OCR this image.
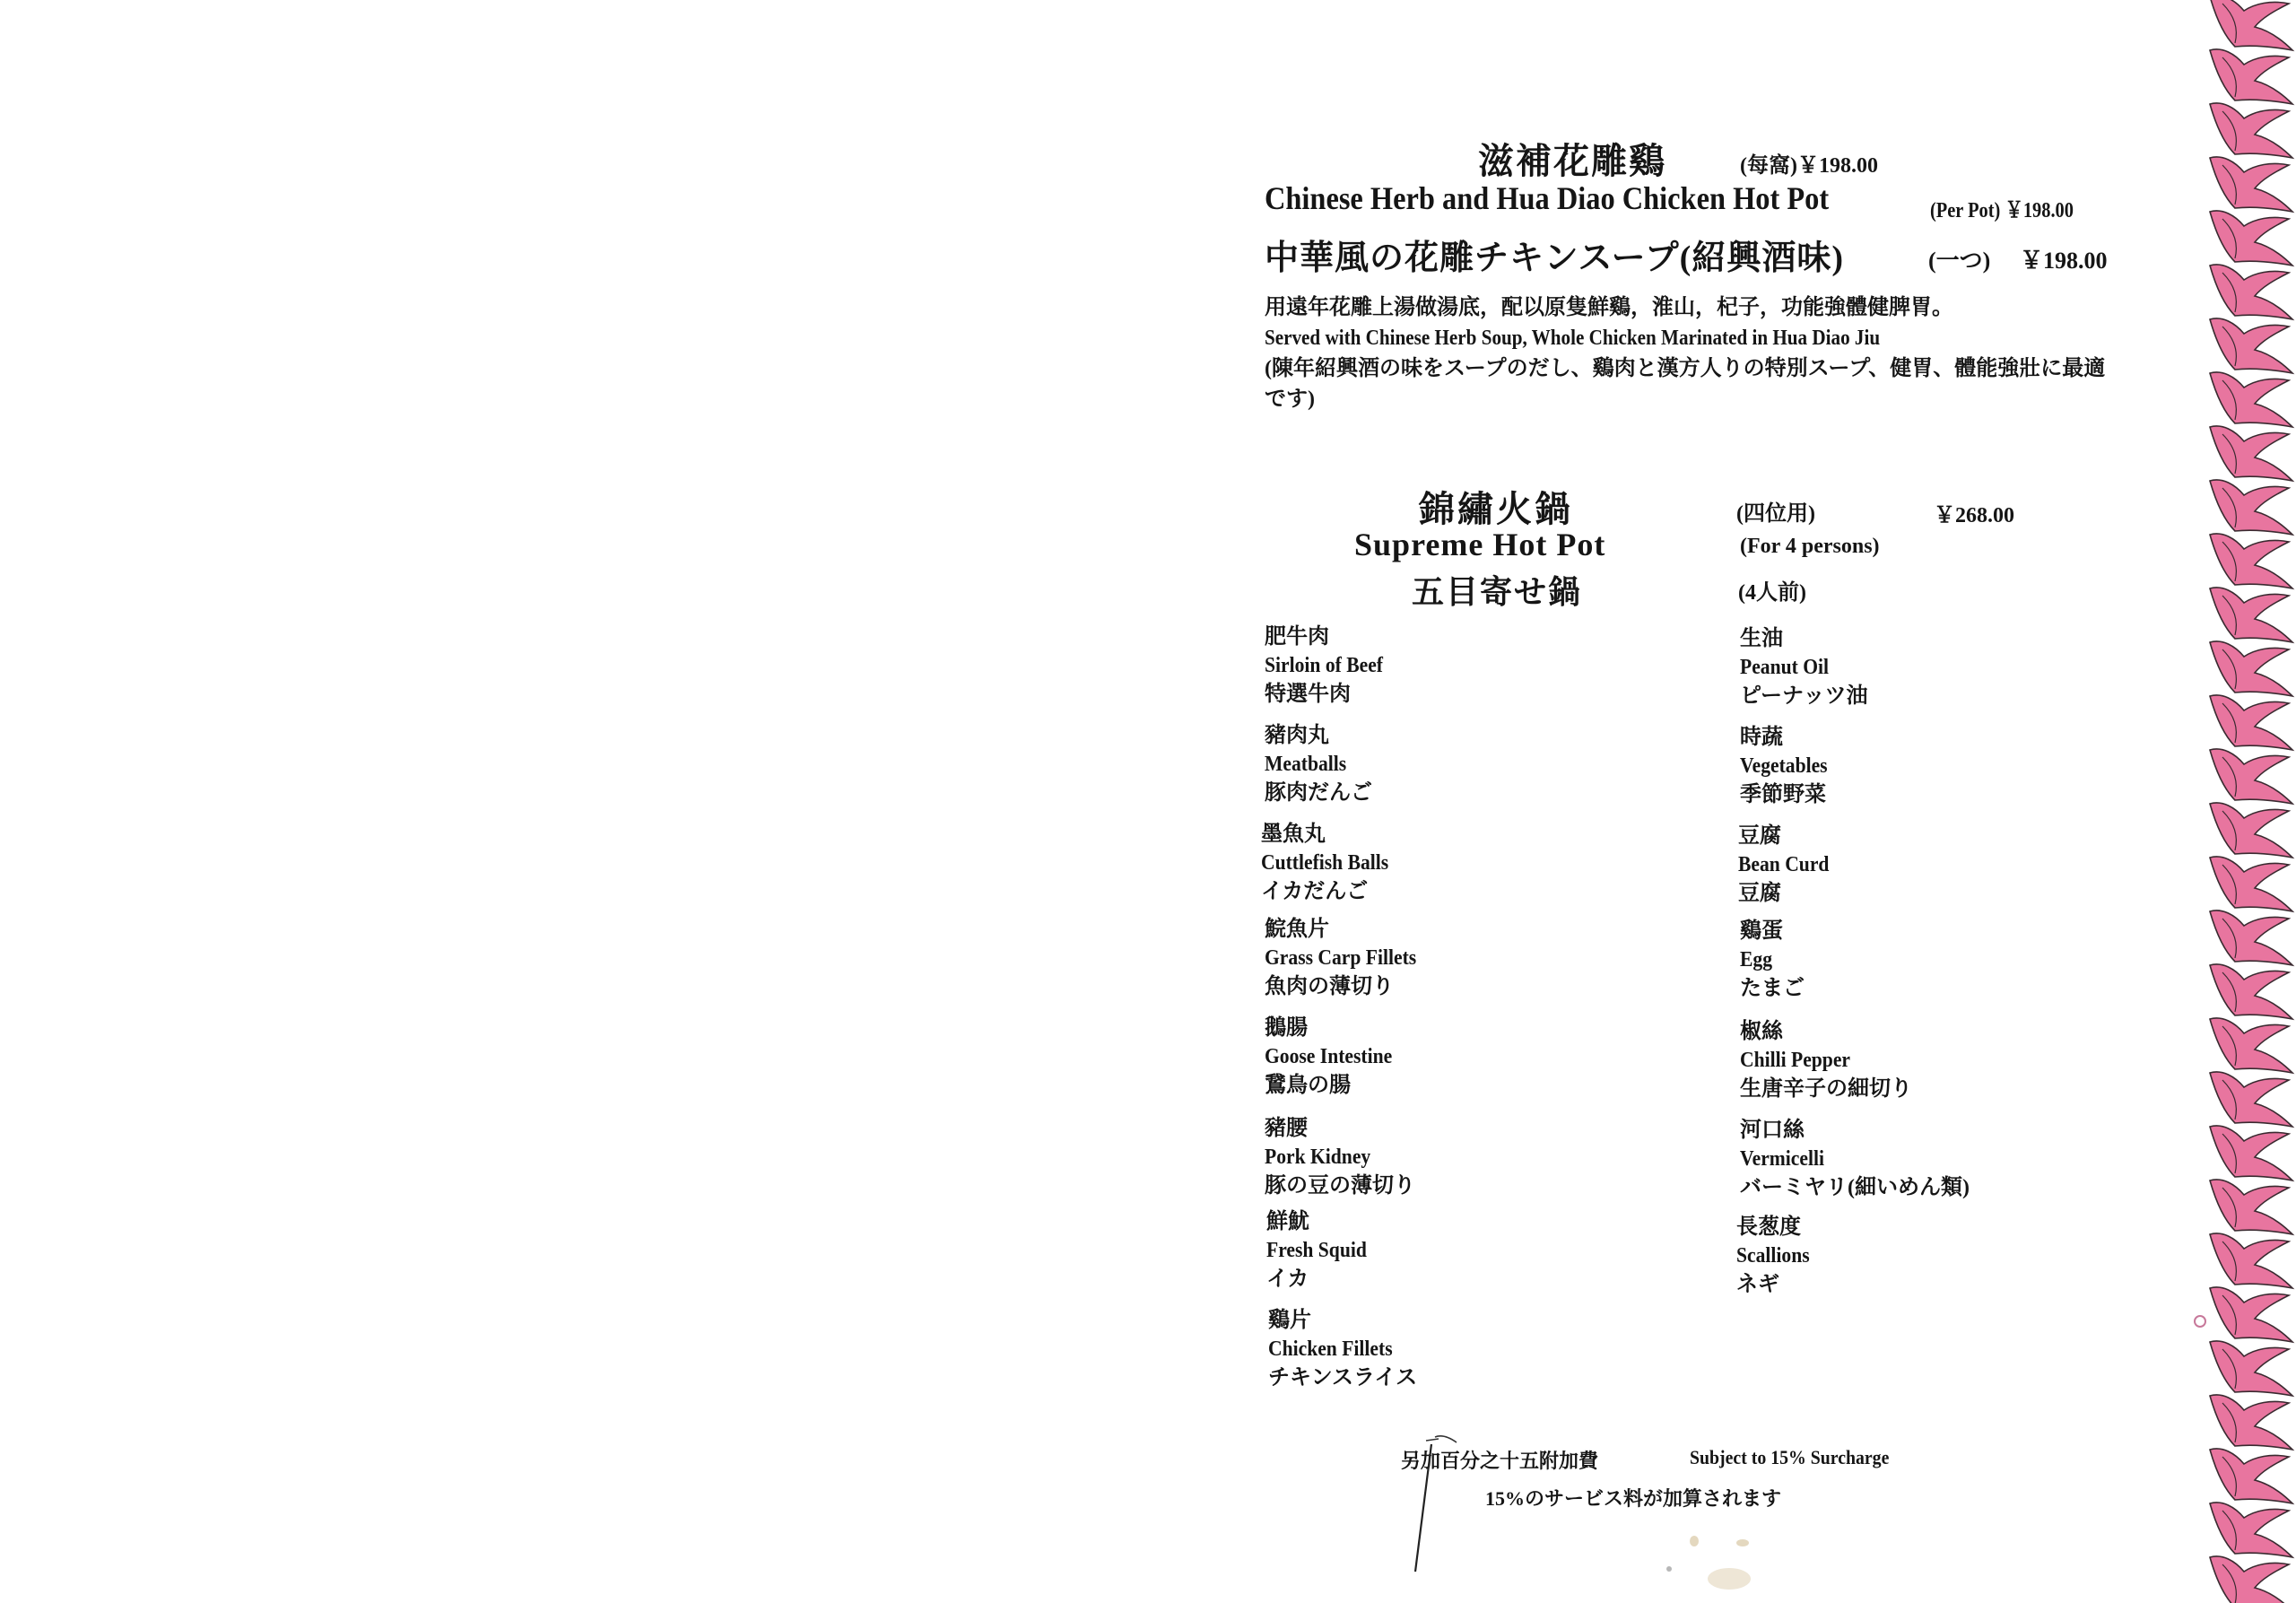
滋補花雕鷄	(每窩)￥198.00
Chinese Herb and Hua Diao Chicken Hot Pot	(Per Pot) ￥198.00
中華風の花雕チキンスープ(紹興酒味)	(一つ) ￥198.00
用遠年花雕上湯做湯底，配以原隻鮮鷄，淮山，杞子，功能強體健脾胃。
Served with Chinese Herb Soup, Whole Chicken Marinated in Hua Diao Jiu
(陳年紹興酒の味をスープのだし、鷄肉と漢方人りの特別スープ、健胃、體能強壯に最適です)
錦繡火鍋	(四位用)	￥268.00
Supreme Hot Pot	(For 4 persons)
五目寄せ鍋	(4人前)
肥牛肉
Sirloin of Beef
特選牛肉
豬肉丸
Meatballs
豚肉だんご
墨魚丸
Cuttlefish Balls
イカだんご
鯇魚片
Grass Carp Fillets
魚肉の薄切り
鵝腸
Goose Intestine
鵞鳥の腸
豬腰
Pork Kidney
豚の豆の薄切り
鮮魷
Fresh Squid
イカ
鷄片
Chicken Fillets
チキンスライス
生油
Peanut Oil
ピーナッツ油
時蔬
Vegetables
季節野菜
豆腐
Bean Curd
豆腐
鷄蛋
Egg
たまご
椒絲
Chilli Pepper
生唐辛子の細切り
河口絲
Vermicelli
バーミヤリ(細いめん類)
長葱度
Scallions
ネギ
另加百分之十五附加費	Subject to 15% Surcharge
15%のサービス料が加算されます
